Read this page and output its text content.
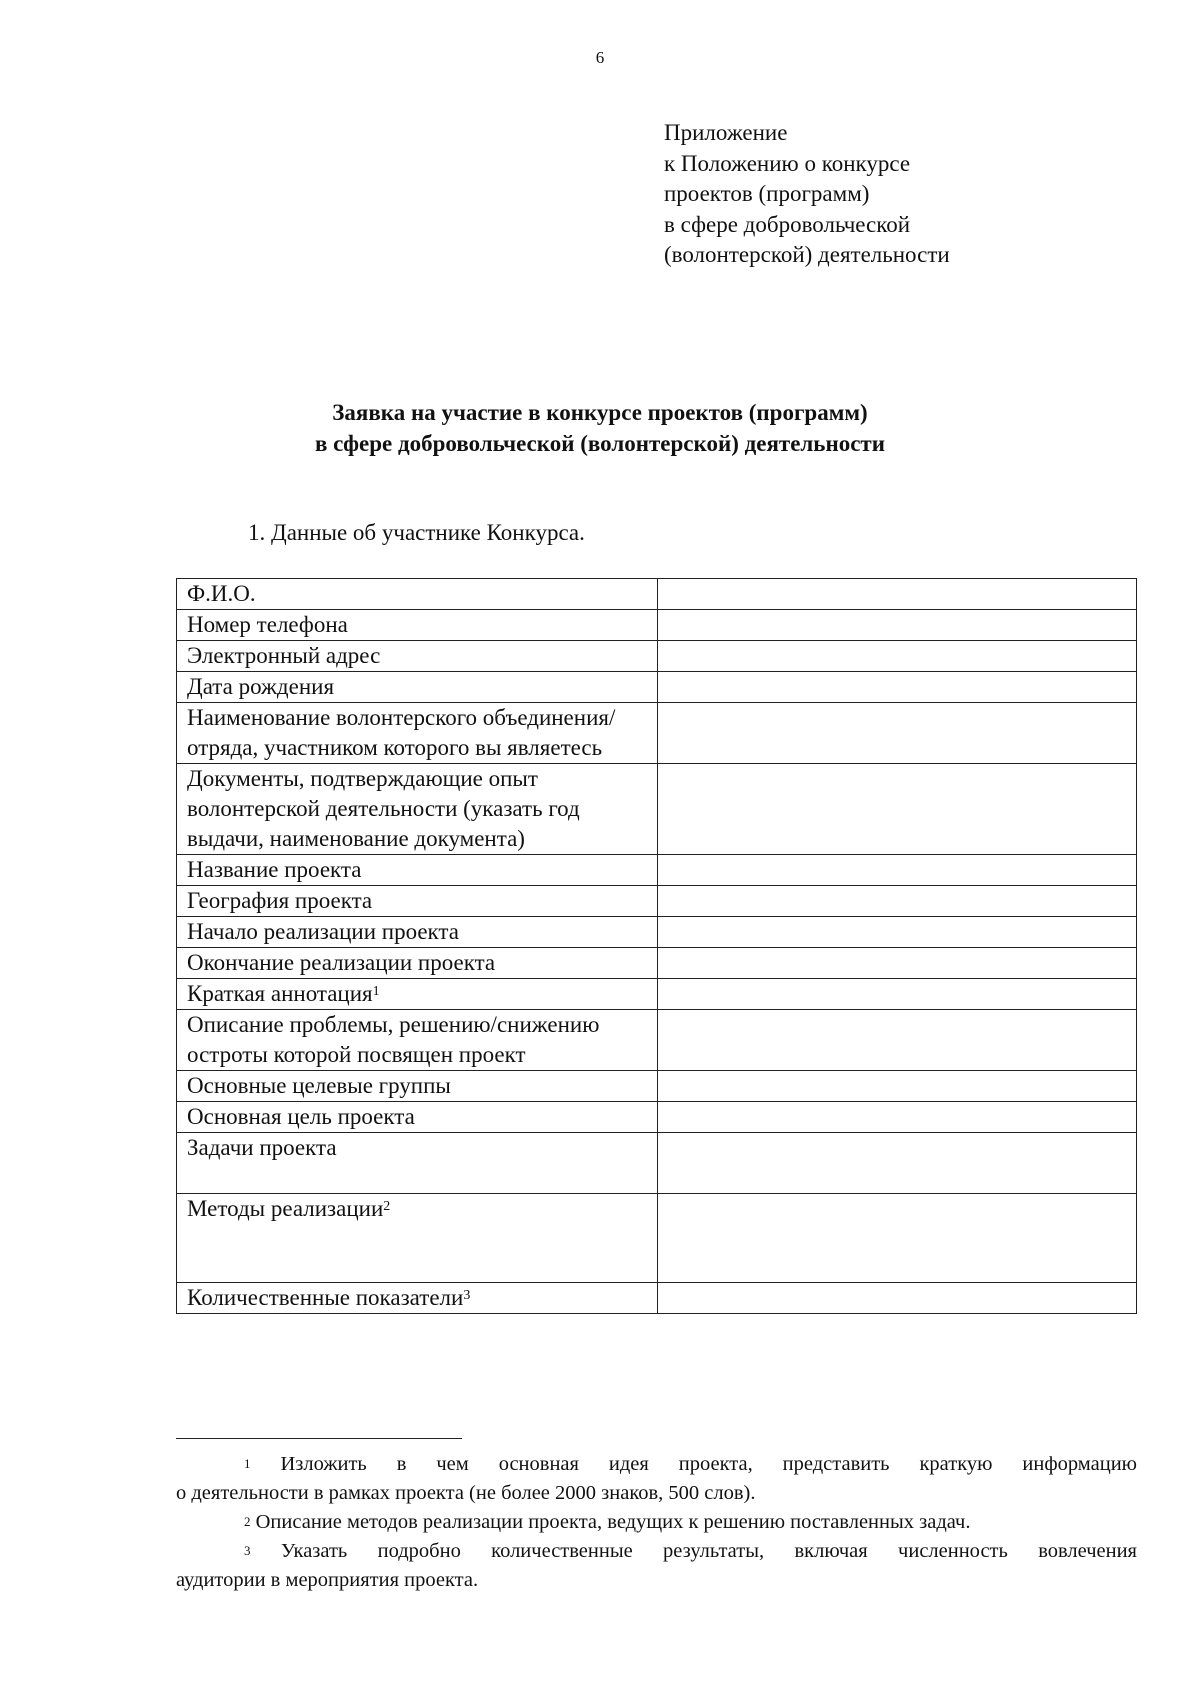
6
Приложение
к Положению о конкурсе
проектов (программ)
в сфере добровольческой
(волонтерской) деятельности
Заявка на участие в конкурсе проектов (программ)
в сфере добровольческой (волонтерской) деятельности
1. Данные об участнике Конкурса.
Ф.И.О.	
Номер телефона	
Электронный адрес	
Дата рождения	
Наименование волонтерского объединения/отряда, участником которого вы являетесь	
Документы, подтверждающие опыт волонтерской деятельности (указать год выдачи, наименование документа)	
Название проекта	
География проекта	
Начало реализации проекта	
Окончание реализации проекта	
Краткая аннотация$^1$	
Описание проблемы, решению/снижению остроты которой посвящен проект	
Основные целевые группы	
Основная цель проекта	
Задачи проекта	
Методы реализации$^2$	
Количественные показатели$^3$	

$^1$ Изложить в чем основная идея проекта, представить краткую информацию

о деятельности в рамках проекта (не более 2000 знаков, 500 слов).

$^2$ Описание методов реализации проекта, ведущих к решению поставленных задач.

$^3$ Указать подробно количественные результаты, включая численность вовлечения

аудитории в мероприятия проекта.
